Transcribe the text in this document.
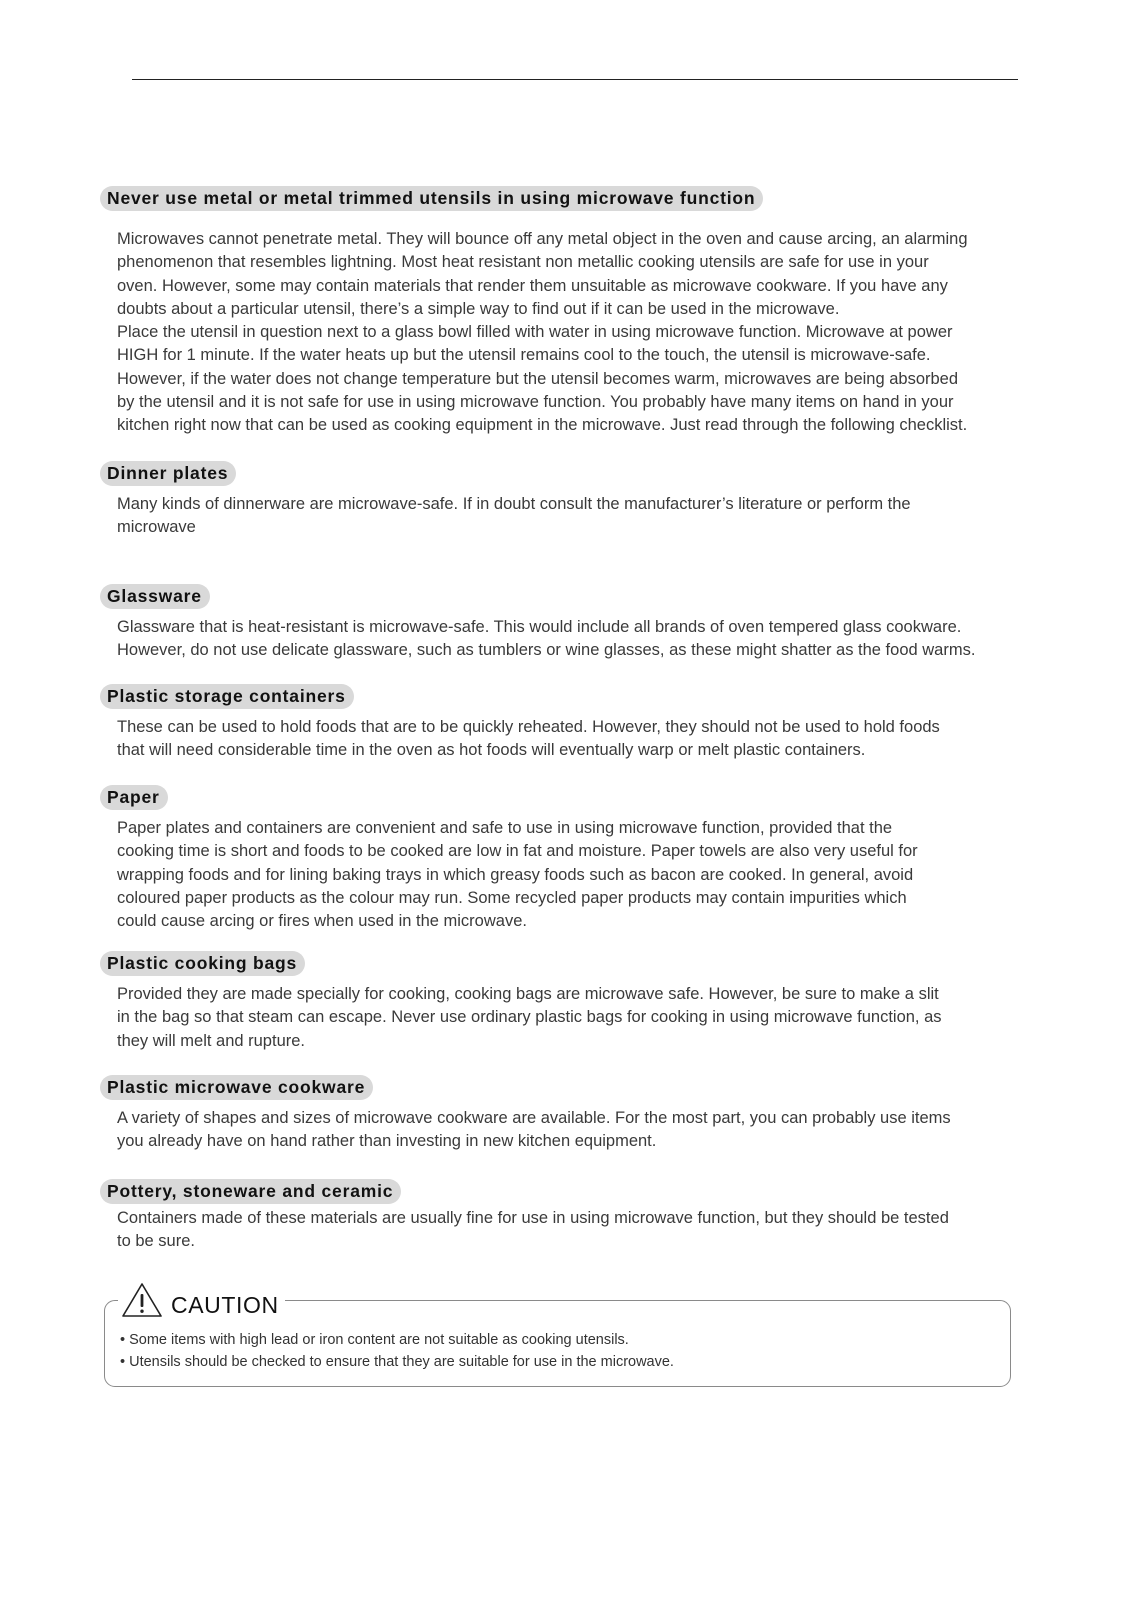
Never use metal or metal trimmed utensils in using microwave function

Microwaves cannot penetrate metal. They will bounce off any metal object in the oven and cause arcing, an alarming
phenomenon that resembles lightning. Most heat resistant non metallic cooking utensils are safe for use in your
oven. However, some may contain materials that render them unsuitable as microwave cookware. If you have any
doubts about a particular utensil, there’s a simple way to find out if it can be used in the microwave.

Place the utensil in question next to a glass bowl filled with water in using microwave function. Microwave at power
HIGH for 1 minute. If the water heats up but the utensil remains cool to the touch, the utensil is microwave-safe.
However, if the water does not change temperature but the utensil becomes warm, microwaves are being absorbed
by the utensil and it is not safe for use in using microwave function. You probably have many items on hand in your
kitchen right now that can be used as cooking equipment in the microwave. Just read through the following checklist.

Dinner plates

Many kinds of dinnerware are microwave-safe. If in doubt consult the manufacturer’s literature or perform the
microwave

Glassware

Glassware that is heat-resistant is microwave-safe. This would include all brands of oven tempered glass cookware.
However, do not use delicate glassware, such as tumblers or wine glasses, as these might shatter as the food warms.

Plastic storage containers

These can be used to hold foods that are to be quickly reheated. However, they should not be used to hold foods
that will need considerable time in the oven as hot foods will eventually warp or melt plastic containers.

Paper

Paper plates and containers are convenient and safe to use in using microwave function, provided that the
cooking time is short and foods to be cooked are low in fat and moisture. Paper towels are also very useful for
wrapping foods and for lining baking trays in which greasy foods such as bacon are cooked. In general, avoid
coloured paper products as the colour may run. Some recycled paper products may contain impurities which
could cause arcing or fires when used in the microwave.

Plastic cooking bags

Provided they are made specially for cooking, cooking bags are microwave safe. However, be sure to make a slit
in the bag so that steam can escape. Never use ordinary plastic bags for cooking in using microwave function, as
they will melt and rupture.

Plastic microwave cookware

A variety of shapes and sizes of microwave cookware are available. For the most part, you can probably use items
you already have on hand rather than investing in new kitchen equipment.

Pottery, stoneware and ceramic

Containers made of these materials are usually fine for use in using microwave function, but they should be tested
to be sure.

• Some items with high lead or iron content are not suitable as cooking utensils.
• Utensils should be checked to ensure that they are suitable for use in the microwave.
CAUTION
